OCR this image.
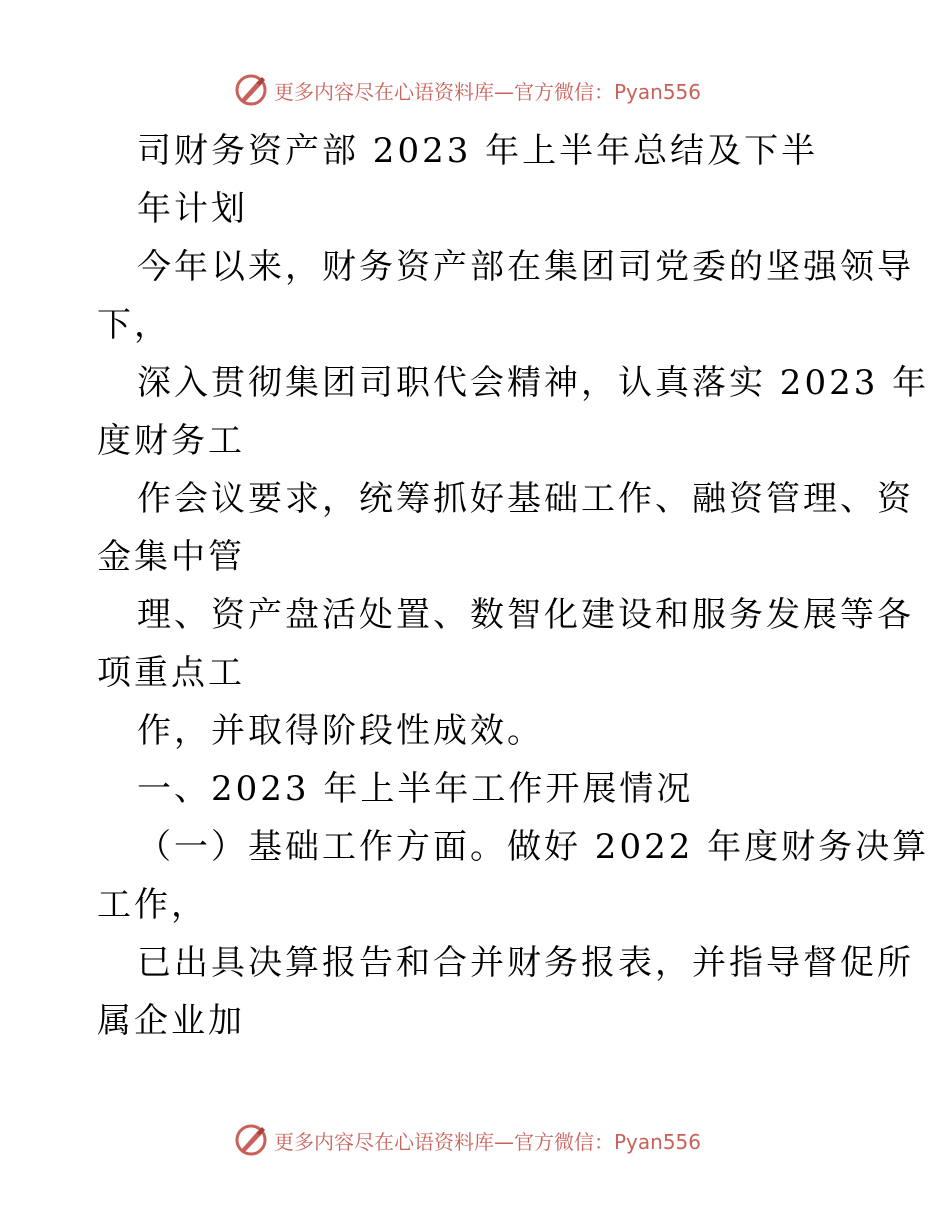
更多内容尽在心语资料库—官方微信：Pyan556
司财务资产部 2023 年上半年总结及下半
年计划
今年以来，财务资产部在集团司党委的坚强领导
下，
深入贯彻集团司职代会精神，认真落实 2023 年
度财务工
作会议要求，统筹抓好基础工作、融资管理、资
金集中管
理、资产盘活处置、数智化建设和服务发展等各
项重点工
作，并取得阶段性成效。
一、2023 年上半年工作开展情况
（一）基础工作方面。做好 2022 年度财务决算
工作，
已出具决算报告和合并财务报表，并指导督促所
属企业加
更多内容尽在心语资料库—官方微信：Pyan556
